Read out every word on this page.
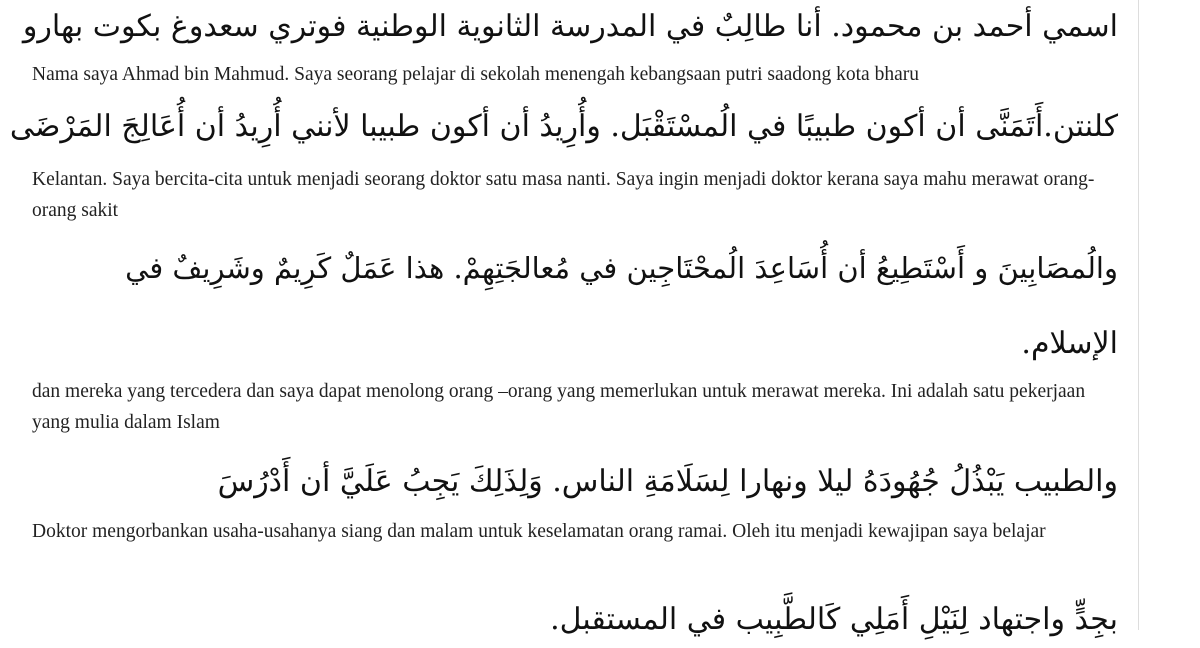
اسمي أحمد بن محمود. أنا طالِبٌ في المدرسة الثانوية الوطنية فوتري سعدوغ بكوت بهارو
Nama saya Ahmad bin Mahmud. Saya seorang pelajar di sekolah menengah kebangsaan putri saadong kota bharu
كلنتن.أَتَمَنَّى أن أكون طبيبًا في الُمسْتَقْبَل. وأُرِيدُ أن أكون طبيبا لأنني أُرِيدُ أن أُعَالِجَ المَرْضَى
Kelantan. Saya bercita-cita untuk menjadi seorang doktor satu masa nanti. Saya ingin menjadi doktor kerana saya mahu merawat orang-orang sakit
والُمصَابِينَ و أَسْتَطِيعُ أن أُسَاعِدَ الُمحْتَاجِين في مُعالجَتِهِمْ. هذا عَمَلٌ كَرِيمٌ وشَرِيفٌ في
الإسلام.
dan mereka yang tercedera dan saya dapat menolong orang –orang yang memerlukan untuk merawat mereka. Ini adalah satu pekerjaan yang mulia dalam Islam
والطبيب يَبْذُلُ جُهُودَهُ ليلا ونهارا لِسَلَامَةِ الناس. وَلِذَلِكَ يَجِبُ عَلَيَّ أن أَدْرُسَ
Doktor mengorbankan usaha-usahanya siang dan malam untuk keselamatan orang ramai. Oleh itu menjadi kewajipan saya belajar
بجِدٍّ واجتهاد لِنَيْلِ أَمَلِي كَالطَّبِيب في المستقبل.
